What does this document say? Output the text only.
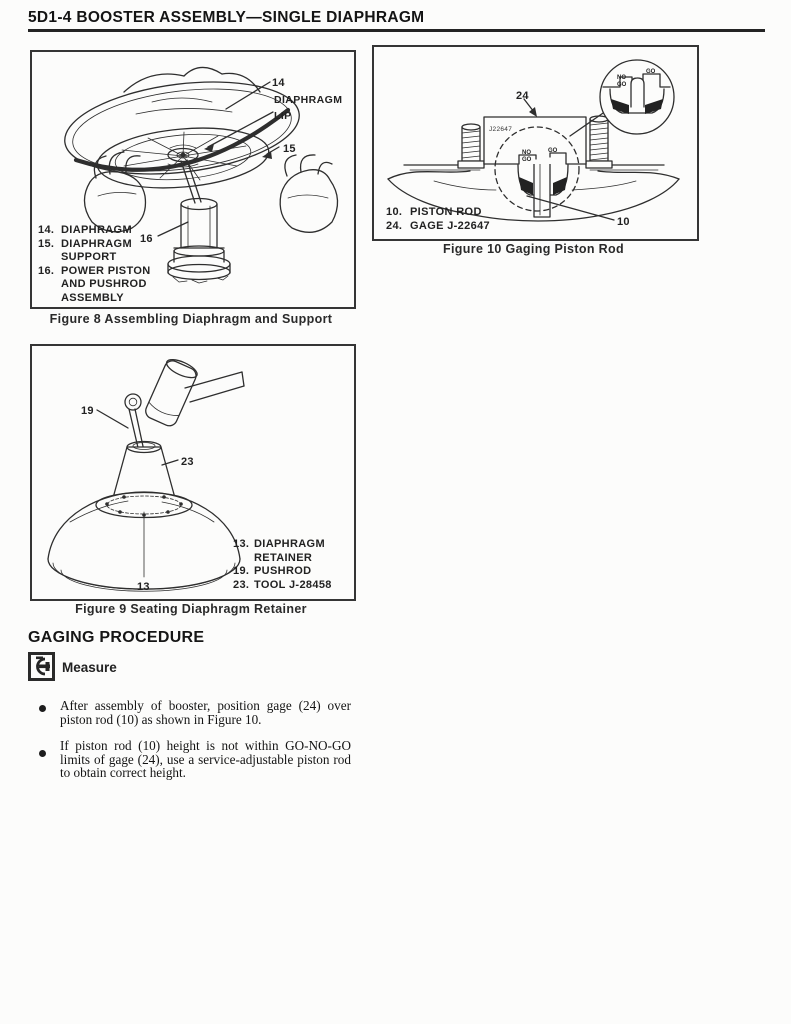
5D1-4 BOOSTER ASSEMBLY—SINGLE DIAPHRAGM
14
DIAPHRAGM
LIP
15
16
14. DIAPHRAGM
15. DIAPHRAGM SUPPORT
16. POWER PISTON AND PUSHROD ASSEMBLY
Figure 8 Assembling Diaphragm and Support
J22647
NO
GO
GO
NO
GO
GO
24
10
10. PISTON ROD
24. GAGE J-22647
Figure 10 Gaging Piston Rod
19
23
13
13. DIAPHRAGM RETAINER
19. PUSHROD
23. TOOL J-28458
Figure 9 Seating Diaphragm Retainer
GAGING PROCEDURE
Measure
After assembly of booster, position gage (24) over piston rod (10) as shown in Figure 10.
If piston rod (10) height is not within GO-NO-GO limits of gage (24), use a service-adjustable piston rod to obtain correct height.
